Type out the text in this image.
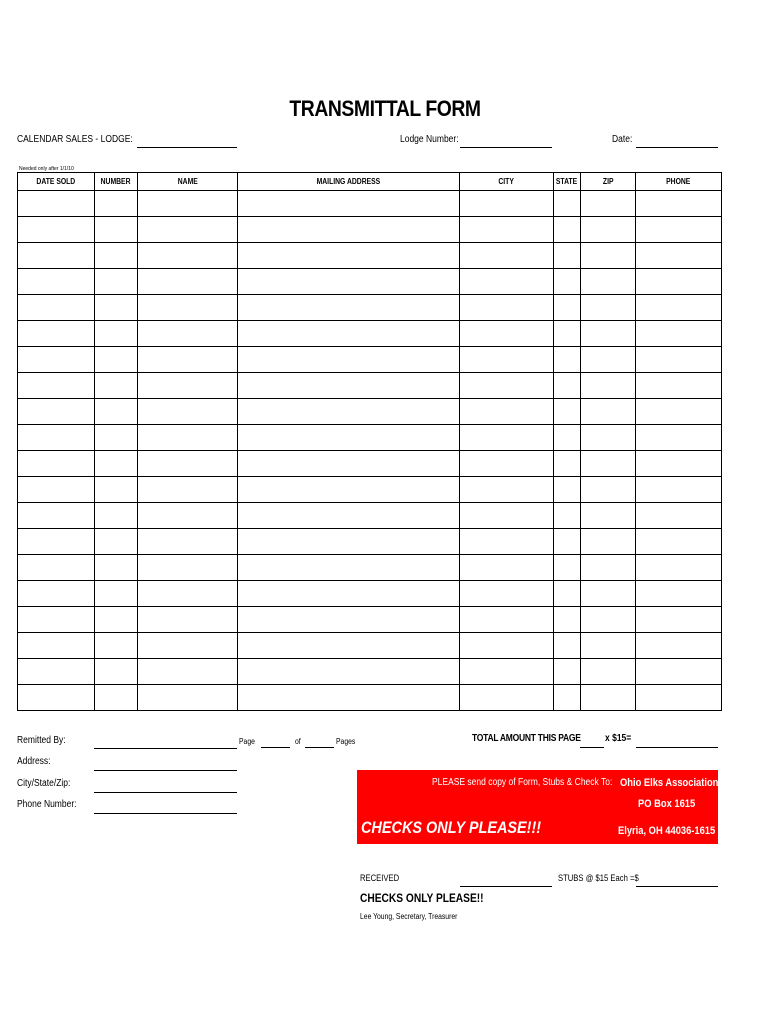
TRANSMITTAL FORM
CALENDAR SALES - LODGE:	Lodge Number:	Date:
Needed only after 1/1/10
DATE SOLD	NUMBER	NAME	MAILING ADDRESS	CITY	STATE	ZIP	PHONE

Remitted By:
Address:
City/State/Zip:
Phone Number:
Page	of	Pages	TOTAL AMOUNT THIS PAGE x $15=
PLEASE send copy of Form, Stubs & Check To: Ohio Elks Association
PO Box 1615
Elyria, OH 44036-1615
CHECKS ONLY PLEASE!!!
RECEIVED	STUBS @ $15 Each =$
CHECKS ONLY PLEASE!!
Lee Young, Secretary, Treasurer
